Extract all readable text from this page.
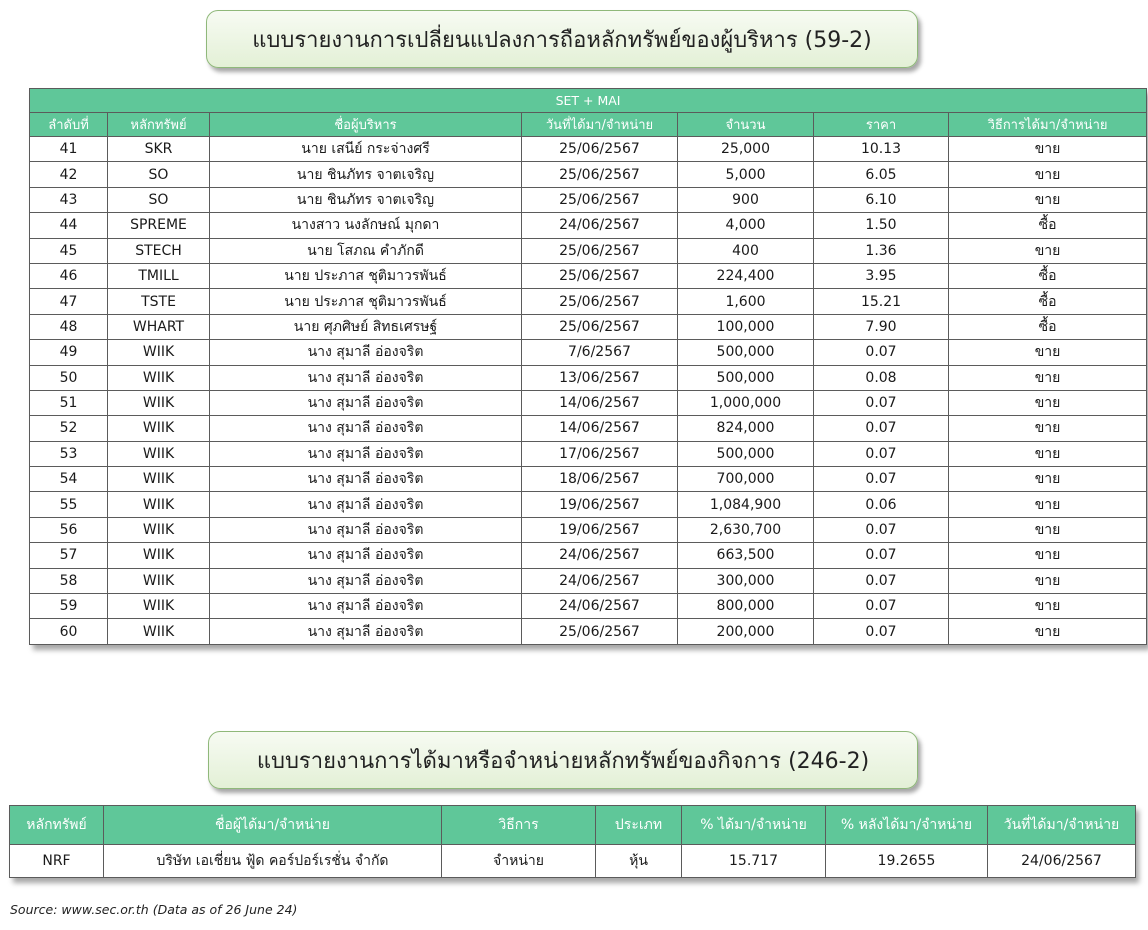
แบบรายงานการเปลี่ยนแปลงการถือหลักทรัพย์ของผู้บริหาร (59-2)
SET + MAI						
ลำดับที่	หลักทรัพย์	ชื่อผู้บริหาร	วันที่ได้มา/จำหน่าย	จำนวน	ราคา	วิธีการได้มา/จำหน่าย
41	SKR	นาย เสนีย์ กระจ่างศรี	25/06/2567	25,000	10.13	ขาย
42	SO	นาย ชินภัทร จาตเจริญ	25/06/2567	5,000	6.05	ขาย
43	SO	นาย ชินภัทร จาตเจริญ	25/06/2567	900	6.10	ขาย
44	SPREME	นางสาว นงลักษณ์ มุกดา	24/06/2567	4,000	1.50	ซื้อ
45	STECH	นาย โสภณ คำภักดี	25/06/2567	400	1.36	ขาย
46	TMILL	นาย ประภาส ชุติมาวรพันธ์	25/06/2567	224,400	3.95	ซื้อ
47	TSTE	นาย ประภาส ชุติมาวรพันธ์	25/06/2567	1,600	15.21	ซื้อ
48	WHART	นาย ศุภศิษย์ สิทธเศรษฐ์	25/06/2567	100,000	7.90	ซื้อ
49	WIIK	นาง สุมาลี อ่องจริต	7/6/2567	500,000	0.07	ขาย
50	WIIK	นาง สุมาลี อ่องจริต	13/06/2567	500,000	0.08	ขาย
51	WIIK	นาง สุมาลี อ่องจริต	14/06/2567	1,000,000	0.07	ขาย
52	WIIK	นาง สุมาลี อ่องจริต	14/06/2567	824,000	0.07	ขาย
53	WIIK	นาง สุมาลี อ่องจริต	17/06/2567	500,000	0.07	ขาย
54	WIIK	นาง สุมาลี อ่องจริต	18/06/2567	700,000	0.07	ขาย
55	WIIK	นาง สุมาลี อ่องจริต	19/06/2567	1,084,900	0.06	ขาย
56	WIIK	นาง สุมาลี อ่องจริต	19/06/2567	2,630,700	0.07	ขาย
57	WIIK	นาง สุมาลี อ่องจริต	24/06/2567	663,500	0.07	ขาย
58	WIIK	นาง สุมาลี อ่องจริต	24/06/2567	300,000	0.07	ขาย
59	WIIK	นาง สุมาลี อ่องจริต	24/06/2567	800,000	0.07	ขาย
60	WIIK	นาง สุมาลี อ่องจริต	25/06/2567	200,000	0.07	ขาย
แบบรายงานการได้มาหรือจำหน่ายหลักทรัพย์ของกิจการ (246-2)
หลักทรัพย์	ชื่อผู้ได้มา/จำหน่าย	วิธีการ	ประเภท	% ได้มา/จำหน่าย	% หลังได้มา/จำหน่าย	วันที่ได้มา/จำหน่าย
NRF	บริษัท เอเชี่ยน ฟู้ด คอร์ปอร์เรชั่น จำกัด	จำหน่าย	หุ้น	15.717	19.2655	24/06/2567
Source: www.sec.or.th (Data as of 26 June 24)
